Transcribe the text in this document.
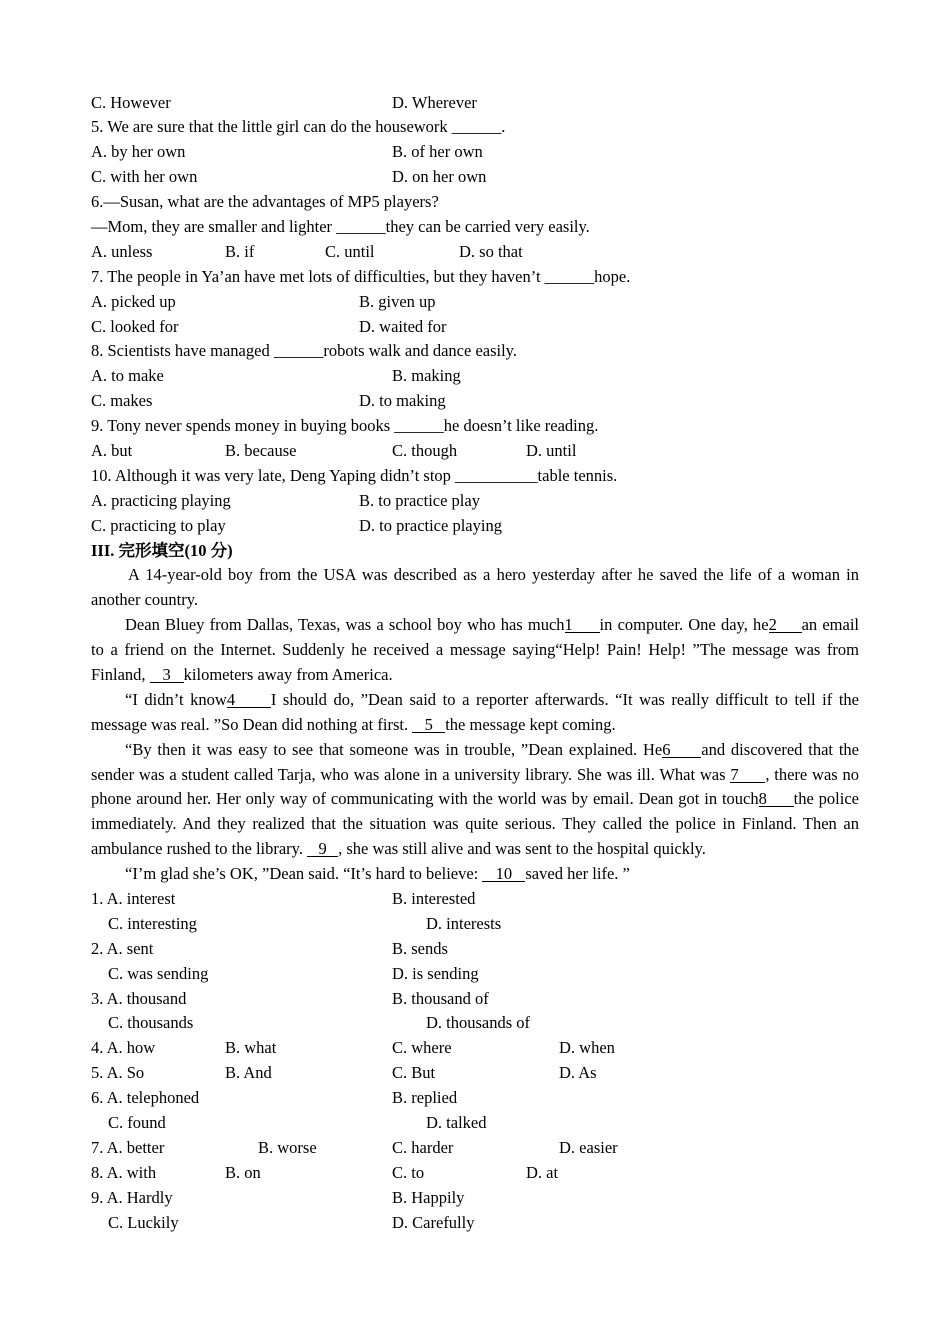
C. However	D. Wherever
5. We are sure that the little girl can do the housework ______.
A. by her own	B. of her own
C. with her own	D. on her own
6.—Susan, what are the advantages of MP5 players?
—Mom, they are smaller and lighter ______they can be carried very easily.
A. unless	B. if	C. until	D. so that
7. The people in Ya’an have met lots of difficulties, but they haven’t ______hope.
A. picked up	B. given up
C. looked for	D. waited for
8. Scientists have managed ______robots walk and dance easily.
A. to make	B. making
C. makes	D. to making
9. Tony never spends money in buying books ______he doesn’t like reading.
A. but	B. because	C. though	D. until
10. Although it was very late, Deng Yaping didn’t stop __________table tennis.
A. practicing playing	B. to practice play
C. practicing to play	D. to practice playing
III. 完形填空(10 分)
A 14-year-old boy from the USA was described as a hero yesterday after he saved the life of a woman in
another country.
Dean Bluey from Dallas, Texas, was a school boy who has much1 in computer. One day, he2 an email
to a friend on the Internet. Suddenly he received a message saying“Help! Pain! Help! ”The message was from
Finland, 3 kilometers away from America.
“I didn’t know4 I should do, ”Dean said to a reporter afterwards. “It was really difficult to tell if the
message was real. ”So Dean did nothing at first. 5 the message kept coming.
“By then it was easy to see that someone was in trouble, ”Dean explained. He6 and discovered that the
sender was a student called Tarja, who was alone in a university library. She was ill. What was 7 , there was no
phone around her. Her only way of communicating with the world was by email. Dean got in touch8 the police
immediately. And they realized that the situation was quite serious. They called the police in Finland. Then an
ambulance rushed to the library. 9 , she was still alive and was sent to the hospital quickly.
“I’m glad she’s OK, ”Dean said. “It’s hard to believe: 10 saved her life. ”
1. A. interest	B. interested
C. interesting	D. interests
2. A. sent	B. sends
C. was sending	D. is sending
3. A. thousand	B. thousand of
C. thousands	D. thousands of
4. A. how	B. what	C. where	D. when
5. A. So	B. And	C. But	D. As
6. A. telephoned	B. replied
C. found	D. talked
7. A. better	B. worse	C. harder	D. easier
8. A. with	B. on	C. to	D. at
9. A. Hardly	B. Happily
C. Luckily	D. Carefully
